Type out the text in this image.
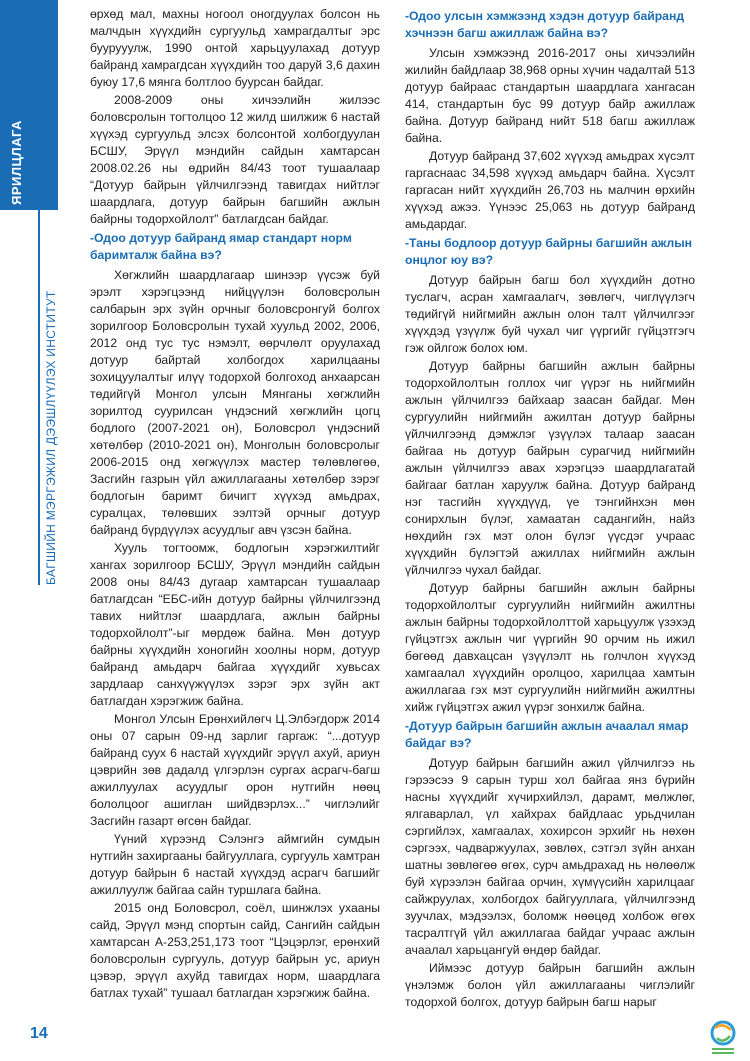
ЯРИЛЦЛАГА
БАГШИЙН МЭРГЭЖИЛ ДЭЭШЛҮҮЛЭХ ИНСТИТУТ
14

өрхөд мал, махны ногоол оногдуулах болсон нь малчдын хүүхдийн сургуульд хамрагдалтыг эрс буурууулж, 1990 онтой харьцуулахад дотуур байранд хамрагдсан хүүхдийн тоо даруй 3,6 дахин буюу 17,6 мянга болтлоо буурсан байдаг.

2008-2009 оны хичээлийн жилээс боловсролын тогтолцоо 12 жилд шилжиж 6 настай хүүхэд сургуульд элсэх болсонтой холбогдуулан БСШУ, Эрүүл мэндийн сайдын хамтарсан 2008.02.26 ны өдрийн 84/43 тоот тушаалаар “Дотуур байрын үйлчилгээнд тавигдах нийтлэг шаардлага, дотуур байрын багшийн ажлын байрны тодорхойлолт” батлагдсан байдаг.

-Одоо дотуур байранд ямар стандарт норм баримталж байна вэ?

Хөгжлийн шаардлагаар шинээр үүсэж буй эрэлт хэрэгцээнд нийцүүлэн боловсролын салбарын эрх зүйн орчныг боловсронгуй болгох зорилгоор Боловсролын тухай хуульд 2002, 2006, 2012 онд тус тус нэмэлт, өөрчлөлт оруулахад дотуур байртай холбогдох харилцааны зохицуулалтыг илүү тодорхой болгоход анхаарсан төдийгүй Монгол улсын Мянганы хөгжлийн зорилтод суурилсан үндэсний хөгжлийн цогц бодлого (2007-2021 он), Боловсрол үндэсний хөтөлбөр (2010-2021 он), Монголын боловсролыг 2006-2015 онд хөгжүүлэх мастер төлөвлөгөө, Засгийн газрын үйл ажиллагааны хөтөлбөр зэрэг бодлогын баримт бичигт хүүхэд амьдрах, суралцах, төлөвших ээлтэй орчныг дотуур байранд бүрдүүлэх асуудлыг авч үзсэн байна.

Хууль тогтоомж, бодлогын хэрэгжилтийг хангах зорилгоор БСШУ, Эрүүл мэндийн сайдын 2008 оны 84/43 дугаар хамтарсан тушаалаар батлагдсан “ЕБС-ийн дотуур байрны үйлчилгээнд тавих нийтлэг шаардлага, ажлын байрны тодорхойлолт”-ыг мөрдөж байна. Мөн дотуур байрны хүүхдийн хоногийн хоолны норм, дотуур байранд амьдарч байгаа хүүхдийг хувьсах зардлаар санхүүжүүлэх зэрэг эрх зүйн акт батлагдан хэрэгжиж байна.

Монгол Улсын Ерөнхийлөгч Ц.Элбэгдорж 2014 оны 07 сарын 09-нд зарлиг гаргаж: “...дотуур байранд суух 6 настай хүүхдийг эрүүл ахуй, ариун цэврийн зөв дадалд үлгэрлэн сургах асрагч-багш ажиллуулах асуудлыг орон нутгийн нөөц бололцоог ашиглан шийдвэрлэх...” чиглэлийг Засгийн газарт өгсөн байдаг.

Үүний хүрээнд Сэлэнгэ аймгийн сумдын нутгийн захиргааны байгууллага, сургууль хамтран дотуур байрын 6 настай хүүхдэд асрагч багшийг ажиллуулж байгаа сайн туршлага байна.

2015 онд Боловсрол, соёл, шинжлэх ухааны сайд, Эрүүл мэнд спортын сайд, Сангийн сайдын хамтарсан А-253,251,173 тоот “Цэцэрлэг, ерөнхий боловсролын сургууль, дотуур байрын ус, ариун цэвэр, эрүүл ахуйд тавигдах норм, шаардлага батлах тухай” тушаал батлагдан хэрэгжиж байна.

-Одоо улсын хэмжээнд хэдэн дотуур байранд хэчнээн багш ажиллаж байна вэ?

Улсын хэмжээнд 2016-2017 оны хичээлийн жилийн байдлаар 38,968 орны хүчин чадалтай 513 дотуур байраас стандартын шаардлага хангасан 414, стандартын бус 99 дотуур байр ажиллаж байна. Дотуур байранд нийт 518 багш ажиллаж байна.

Дотуур байранд 37,602 хүүхэд амьдрах хүсэлт гаргаснаас 34,598 хүүхэд амьдарч байна. Хүсэлт гаргасан нийт хүүхдийн 26,703 нь малчин өрхийн хүүхэд ажээ. Үүнээс 25,063 нь дотуур байранд амьдардаг.

-Таны бодлоор дотуур байрны багшийн ажлын онцлог юу вэ?

Дотуур байрын багш бол хүүхдийн дотно туслагч, асран хамгаалагч, зөвлөгч, чиглүүлэгч төдийгүй нийгмийн ажлын олон талт үйлчилгээг хүүхдэд үзүүлж буй чухал чиг үүргийг гүйцэтгэгч гэж ойлгож болох юм.

Дотуур байрны багшийн ажлын байрны тодорхойлолтын голлох чиг үүрэг нь нийгмийн ажлын үйлчилгээ байхаар заасан байдаг. Мөн сургуулийн нийгмийн ажилтан дотуур байрны үйлчилгээнд дэмжлэг үзүүлэх талаар заасан байгаа нь дотуур байрын сурагчид нийгмийн ажлын үйлчилгээ авах хэрэгцээ шаардлагатай байгааг батлан харуулж байна. Дотуур байранд нэг тасгийн хүүхдүүд, үе тэнгийнхэн мөн сонирхлын бүлэг, хамаатан садангийн, найз нөхдийн гэх мэт олон бүлэг үүсдэг учраас хүүхдийн бүлэгтэй ажиллах нийгмийн ажлын үйлчилгээ чухал байдаг.

Дотуур байрны багшийн ажлын байрны тодорхойлолтыг сургуулийн нийгмийн ажилтны ажлын байрны тодорхойлолттой харьцуулж үзэхэд гүйцэтгэх ажлын чиг үүргийн 90 орчим нь ижил бөгөөд давхацсан үзүүлэлт нь голчлон хүүхэд хамгаалал хүүхдийн оролцоо, харилцаа хамтын ажиллагаа гэх мэт сургуулийн нийгмийн ажилтны хийж гүйцэтгэх ажил үүрэг зонхилж байна.

-Дотуур байрын багшийн ажлын ачаалал ямар байдаг вэ?

Дотуур байрын багшийн ажил үйлчилгээ нь гэрээсээ 9 сарын турш хол байгаа янз бүрийн насны хүүхдийг хүчирхийлэл, дарамт, мөлжлөг, ялгаварлал, үл хайхрах байдлаас урьдчилан сэргийлэх, хамгаалах, хохирсон эрхийг нь нөхөн сэргээх, чадваржуулах, зөвлөх, сэтгэл зүйн анхан шатны зөвлөгөө өгөх, сурч амьдрахад нь нөлөөлж буй хүрээлэн байгаа орчин, хүмүүсийн харилцааг сайжруулах, холбогдох байгууллага, үйлчилгээнд зуучлах, мэдээлэх, боломж нөөцөд холбож өгөх тасралтгүй үйл ажиллагаа байдаг учраас ажлын ачаалал харьцангуй өндөр байдаг.

Иймээс дотуур байрын багшийн ажлын үнэлэмж болон үйл ажиллагааны чиглэлийг тодорхой болгох, дотуур байрын багш нарыг
